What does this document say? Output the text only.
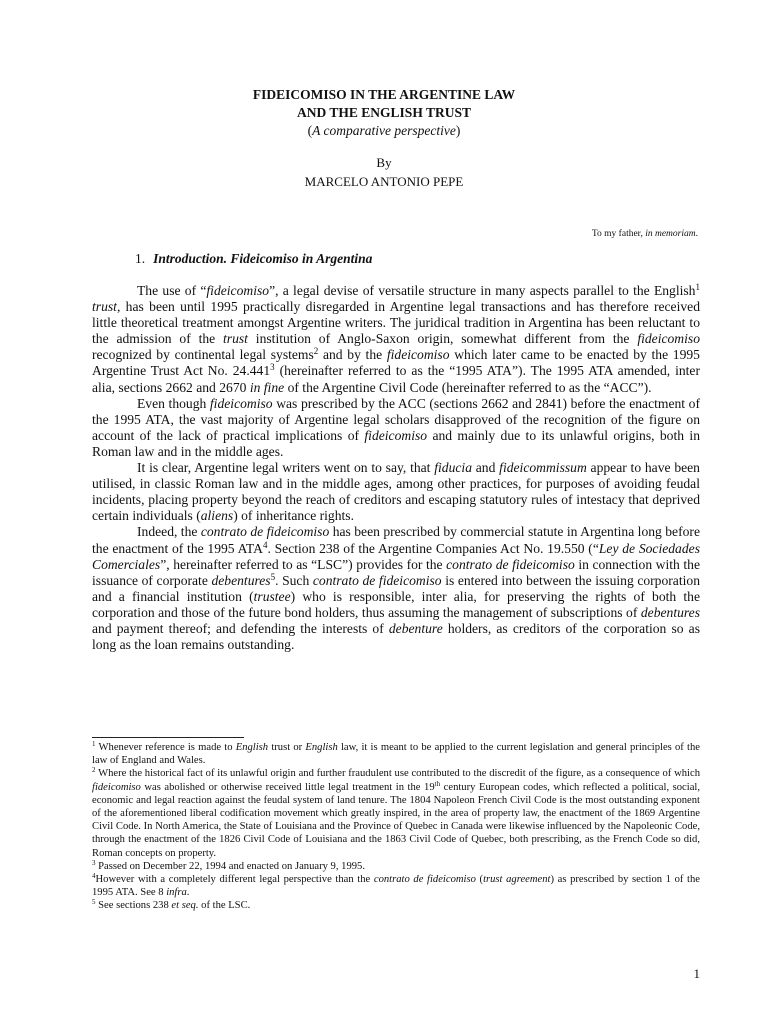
FIDEICOMISO IN THE ARGENTINE LAW
AND THE ENGLISH TRUST
(A comparative perspective)
By
MARCELO ANTONIO PEPE
To my father, in memoriam.
1. Introduction. Fideicomiso in Argentina

The use of “fideicomiso”, a legal devise of versatile structure in many aspects parallel to the English$^1$ trust, has been until 1995 practically disregarded in Argentine legal transactions and has therefore received little theoretical treatment amongst Argentine writers. The juridical tradition in Argentina has been reluctant to the admission of the trust institution of Anglo-Saxon origin, somewhat different from the fideicomiso recognized by continental legal systems$^2$ and by the fideicomiso which later came to be enacted by the 1995 Argentine Trust Act No. 24.441$^3$ (hereinafter referred to as the “1995 ATA”). The 1995 ATA amended, inter alia, sections 2662 and 2670 in fine of the Argentine Civil Code (hereinafter referred to as the “ACC”).

Even though fideicomiso was prescribed by the ACC (sections 2662 and 2841) before the enactment of the 1995 ATA, the vast majority of Argentine legal scholars disapproved of the recognition of the figure on account of the lack of practical implications of fideicomiso and mainly due to its unlawful origins, both in Roman law and in the middle ages.

It is clear, Argentine legal writers went on to say, that fiducia and fideicommissum appear to have been utilised, in classic Roman law and in the middle ages, among other practices, for purposes of avoiding feudal incidents, placing property beyond the reach of creditors and escaping statutory rules of intestacy that deprived certain individuals (aliens) of inheritance rights.

Indeed, the contrato de fideicomiso has been prescribed by commercial statute in Argentina long before the enactment of the 1995 ATA$^4$. Section 238 of the Argentine Companies Act No. 19.550 (“Ley de Sociedades Comerciales”, hereinafter referred to as “LSC”) provides for the contrato de fideicomiso in connection with the issuance of corporate debentures$^5$. Such contrato de fideicomiso is entered into between the issuing corporation and a financial institution (trustee) who is responsible, inter alia, for preserving the rights of both the corporation and those of the future bond holders, thus assuming the management of subscriptions of debentures and payment thereof; and defending the interests of debenture holders, as creditors of the corporation so as long as the loan remains outstanding.

$^1$ Whenever reference is made to English trust or English law, it is meant to be applied to the current legislation and general principles of the law of England and Wales.

$^2$ Where the historical fact of its unlawful origin and further fraudulent use contributed to the discredit of the figure, as a consequence of which fideicomiso was abolished or otherwise received little legal treatment in the 19th century European codes, which reflected a political, social, economic and legal reaction against the feudal system of land tenure. The 1804 Napoleon French Civil Code is the most outstanding exponent of the aforementioned liberal codification movement which greatly inspired, in the area of property law, the enactment of the 1869 Argentine Civil Code. In North America, the State of Louisiana and the Province of Quebec in Canada were likewise influenced by the Napoleonic Code, through the enactment of the 1826 Civil Code of Louisiana and the 1863 Civil Code of Quebec, both prescribing, as the French Code so did, Roman concepts on property.

$^3$ Passed on December 22, 1994 and enacted on January 9, 1995.

$^4$However with a completely different legal perspective than the contrato de fideicomiso (trust agreement) as prescribed by section 1 of the 1995 ATA. See 8 infra.

$^5$ See sections 238 et seq. of the LSC.

1
